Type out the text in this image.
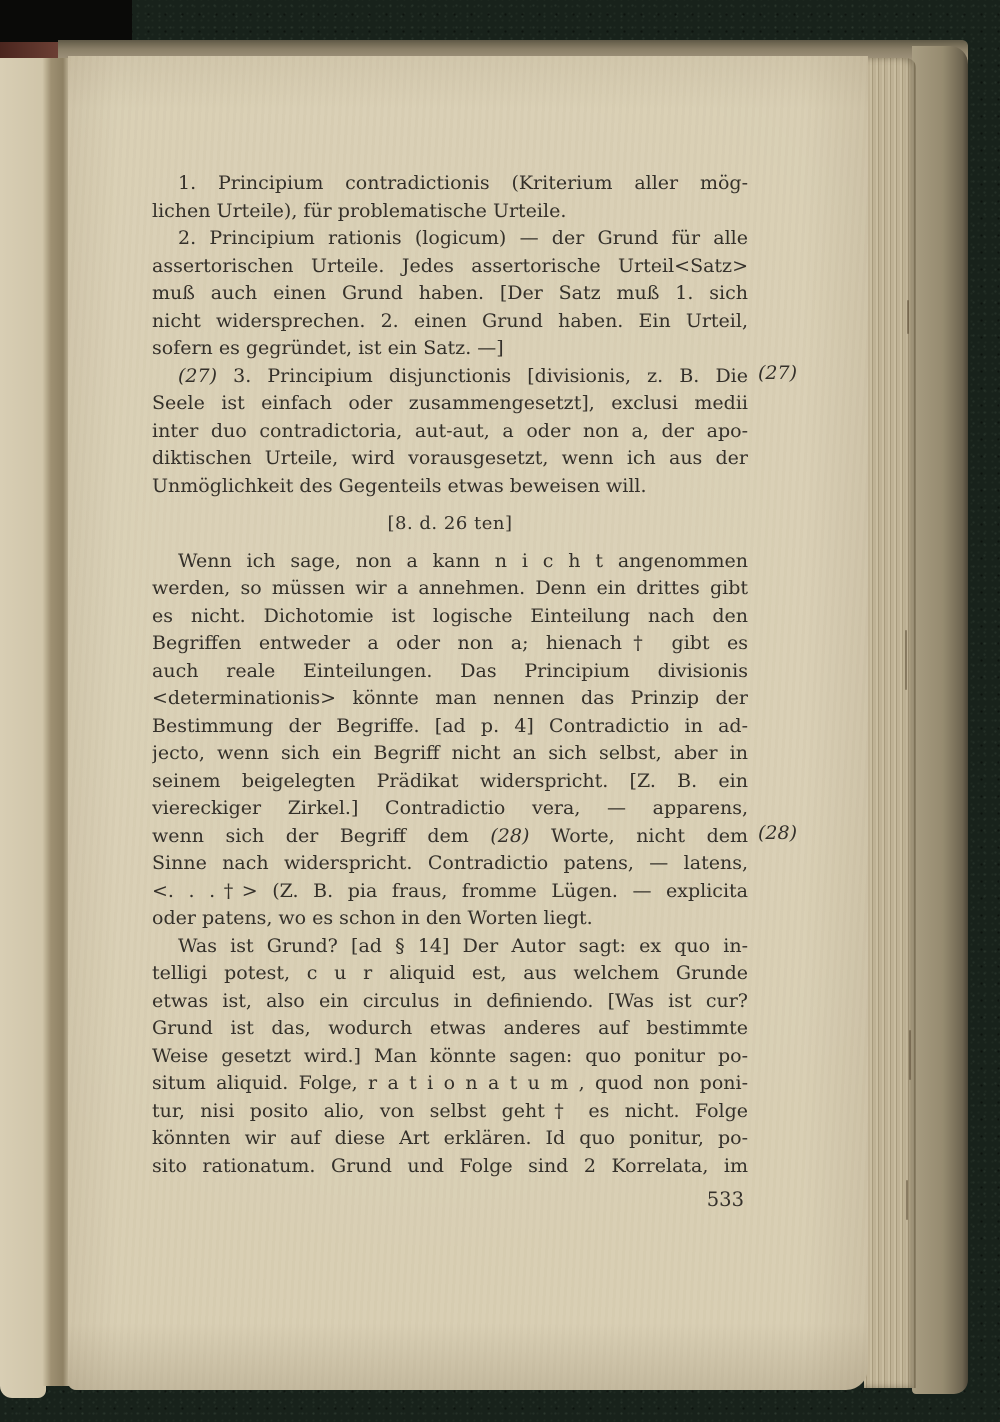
1. Principium contradictionis (Kriterium aller mög-
lichen Urteile), für problematische Urteile.
2. Principium rationis (logicum) — der Grund für alle
assertorischen Urteile. Jedes assertorische Urteil<Satz>
muß auch einen Grund haben. [Der Satz muß 1. sich
nicht widersprechen. 2. einen Grund haben. Ein Urteil,
sofern es gegründet, ist ein Satz. —]
(27) 3. Principium disjunctionis [divisionis, z. B. Die
Seele ist einfach oder zusammengesetzt], exclusi medii
inter duo contradictoria, aut-aut, a oder non a, der apo-
diktischen Urteile, wird vorausgesetzt, wenn ich aus der
Unmöglichkeit des Gegenteils etwas beweisen will.
[8. d. 26 ten]
Wenn ich sage, non a kann n i c h t angenommen
werden, so müssen wir a annehmen. Denn ein drittes gibt
es nicht. Dichotomie ist logische Einteilung nach den
Begriffen entweder a oder non a; hienach† gibt es
auch reale Einteilungen. Das Principium divisionis
<determinationis> könnte man nennen das Prinzip der
Bestimmung der Begriffe. [ad p. 4] Contradictio in ad-
jecto, wenn sich ein Begriff nicht an sich selbst, aber in
seinem beigelegten Prädikat widerspricht. [Z. B. ein
viereckiger Zirkel.] Contradictio vera, — apparens,
wenn sich der Begriff dem (28) Worte, nicht dem
Sinne nach widerspricht. Contradictio patens, — latens,
<. . .†> (Z. B. pia fraus, fromme Lügen. — explicita
oder patens, wo es schon in den Worten liegt.
Was ist Grund? [ad § 14] Der Autor sagt: ex quo in-
telligi potest, c u r aliquid est, aus welchem Grunde
etwas ist, also ein circulus in definiendo. [Was ist cur?
Grund ist das, wodurch etwas anderes auf bestimmte
Weise gesetzt wird.] Man könnte sagen: quo ponitur po-
situm aliquid. Folge, r a t i o n a t u m , quod non poni-
tur, nisi posito alio, von selbst geht† es nicht. Folge
könnten wir auf diese Art erklären. Id quo ponitur, po-
sito rationatum. Grund und Folge sind 2 Korrelata, im
533
(27)
(28)
